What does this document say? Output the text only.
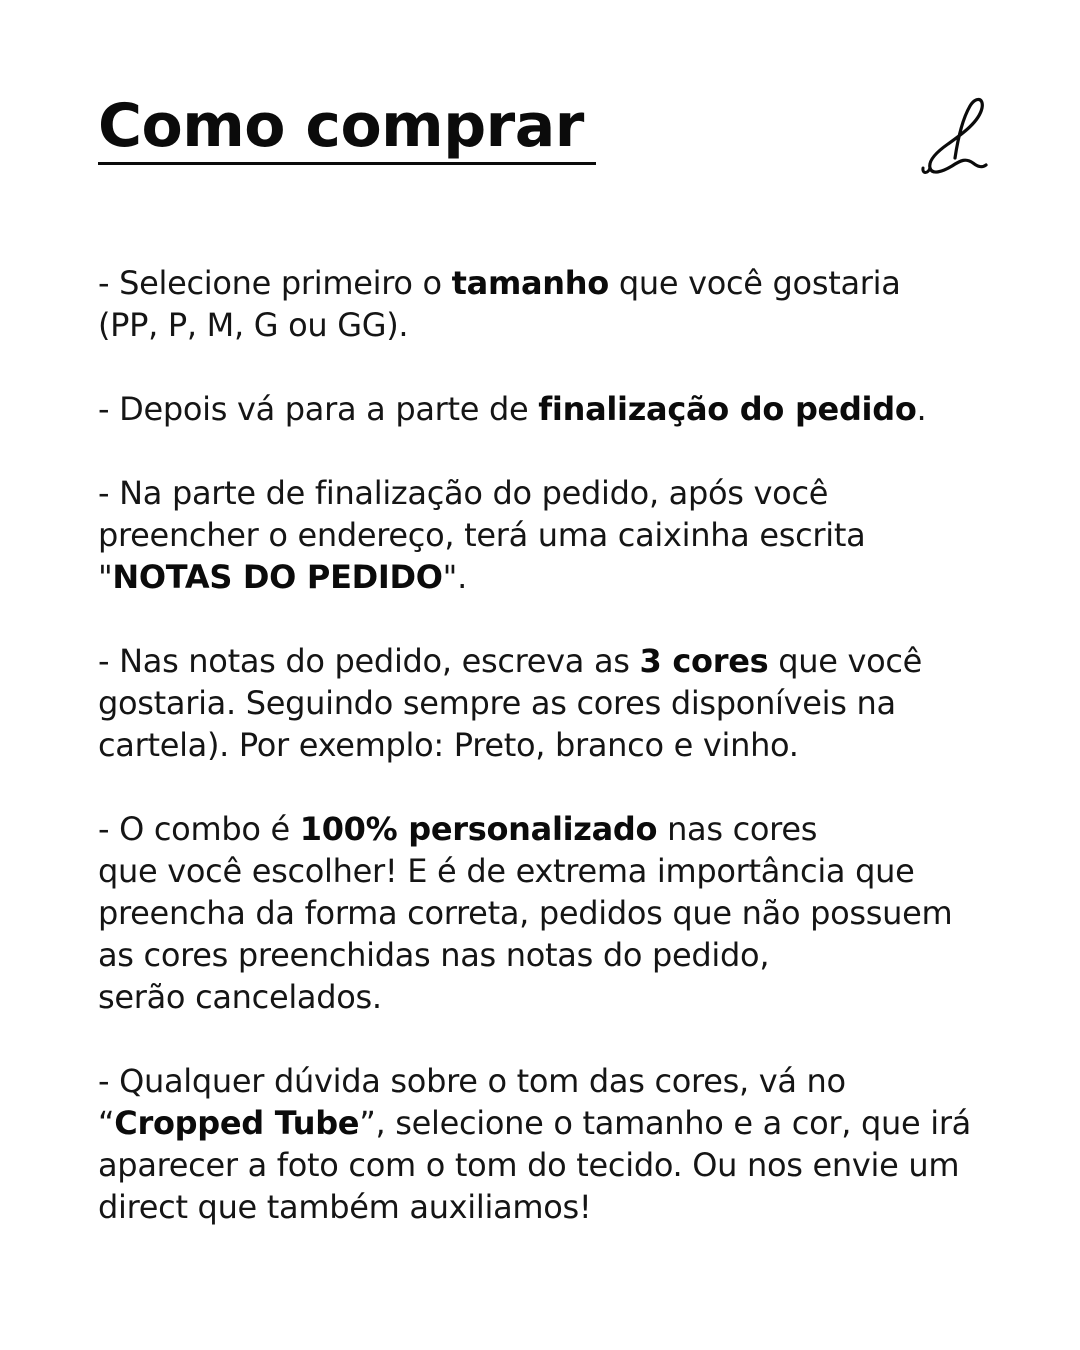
Como comprar

- Selecione primeiro o tamanho que você gostaria
(PP, P, M, G ou GG).

- Depois vá para a parte de finalização do pedido.

- Na parte de finalização do pedido, após você
preencher o endereço, terá uma caixinha escrita
"NOTAS DO PEDIDO".

- Nas notas do pedido, escreva as 3 cores que você
gostaria. Seguindo sempre as cores disponíveis na
cartela). Por exemplo: Preto, branco e vinho.

- O combo é 100% personalizado nas cores
que você escolher! E é de extrema importância que
preencha da forma correta, pedidos que não possuem
as cores preenchidas nas notas do pedido,
serão cancelados.

- Qualquer dúvida sobre o tom das cores, vá no
“Cropped Tube”, selecione o tamanho e a cor, que irá
aparecer a foto com o tom do tecido. Ou nos envie um
direct que também auxiliamos!
